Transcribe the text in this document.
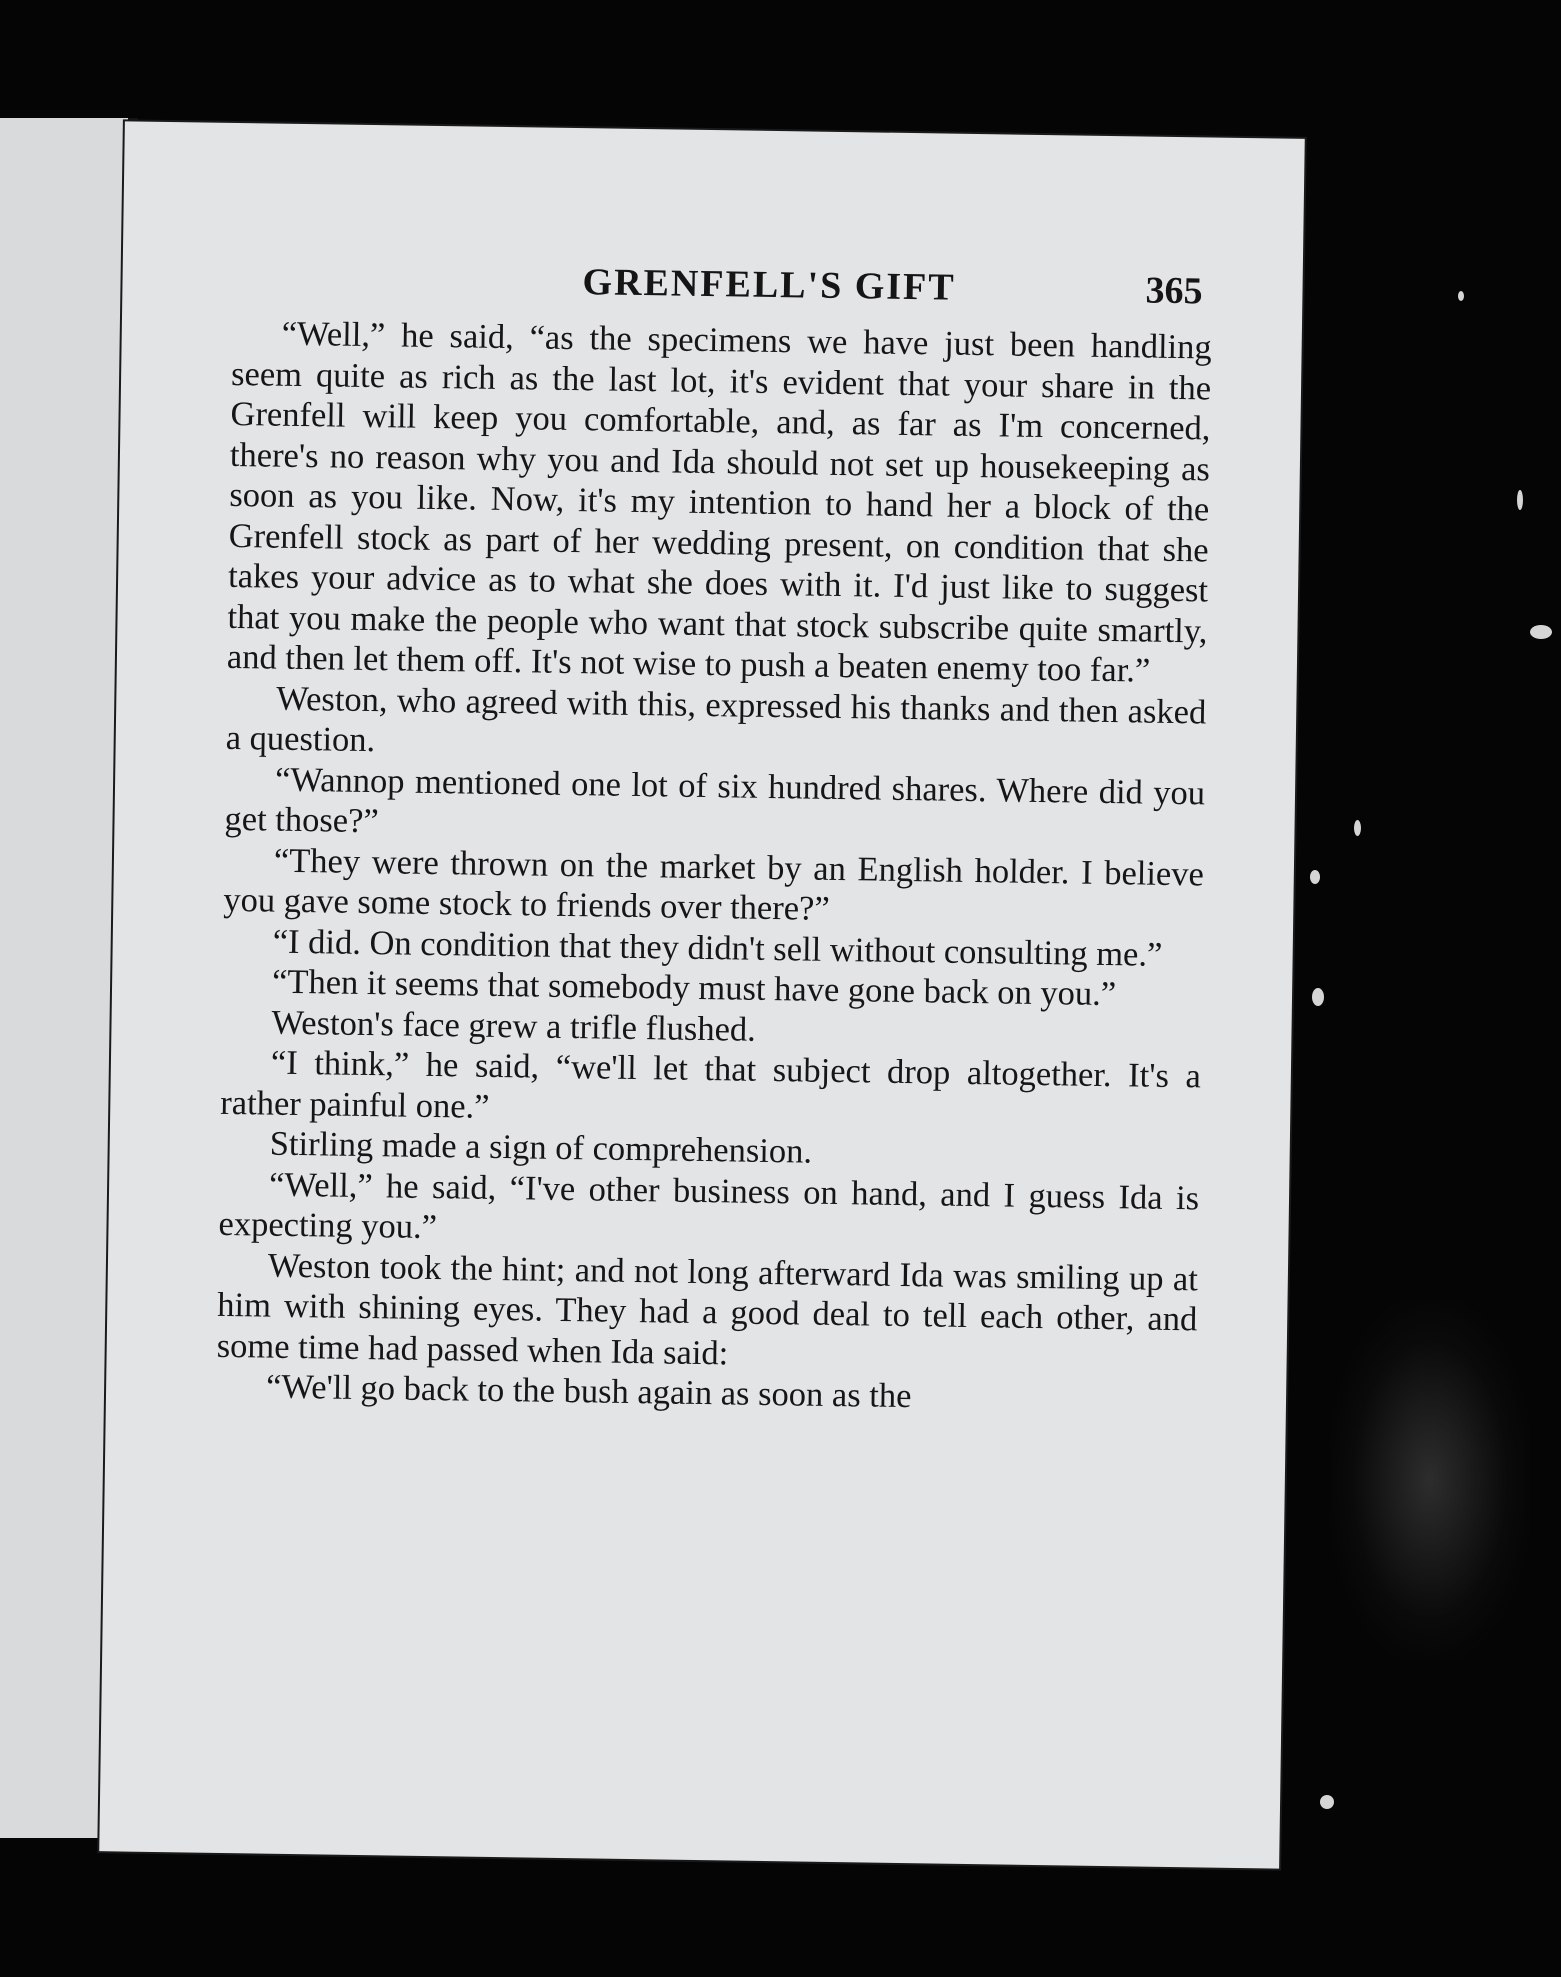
GRENFELL'S GIFT	365

“Well,” he said, “as the specimens we have just been handling seem quite as rich as the last lot, it's evident that your share in the Grenfell will keep you comfortable, and, as far as I'm concerned, there's no reason why you and Ida should not set up housekeeping as soon as you like. Now, it's my intention to hand her a block of the Grenfell stock as part of her wedding present, on condition that she takes your advice as to what she does with it. I'd just like to suggest that you make the people who want that stock subscribe quite smartly, and then let them off. It's not wise to push a beaten enemy too far.”

Weston, who agreed with this, expressed his thanks and then asked a question.

“Wannop mentioned one lot of six hundred shares. Where did you get those?”

“They were thrown on the market by an English holder. I believe you gave some stock to friends over there?”

“I did. On condition that they didn't sell without consulting me.”

“Then it seems that somebody must have gone back on you.”

Weston's face grew a trifle flushed.

“I think,” he said, “we'll let that subject drop altogether. It's a rather painful one.”

Stirling made a sign of comprehension.

“Well,” he said, “I've other business on hand, and I guess Ida is expecting you.”

Weston took the hint; and not long afterward Ida was smiling up at him with shining eyes. They had a good deal to tell each other, and some time had passed when Ida said:

“We'll go back to the bush again as soon as the
